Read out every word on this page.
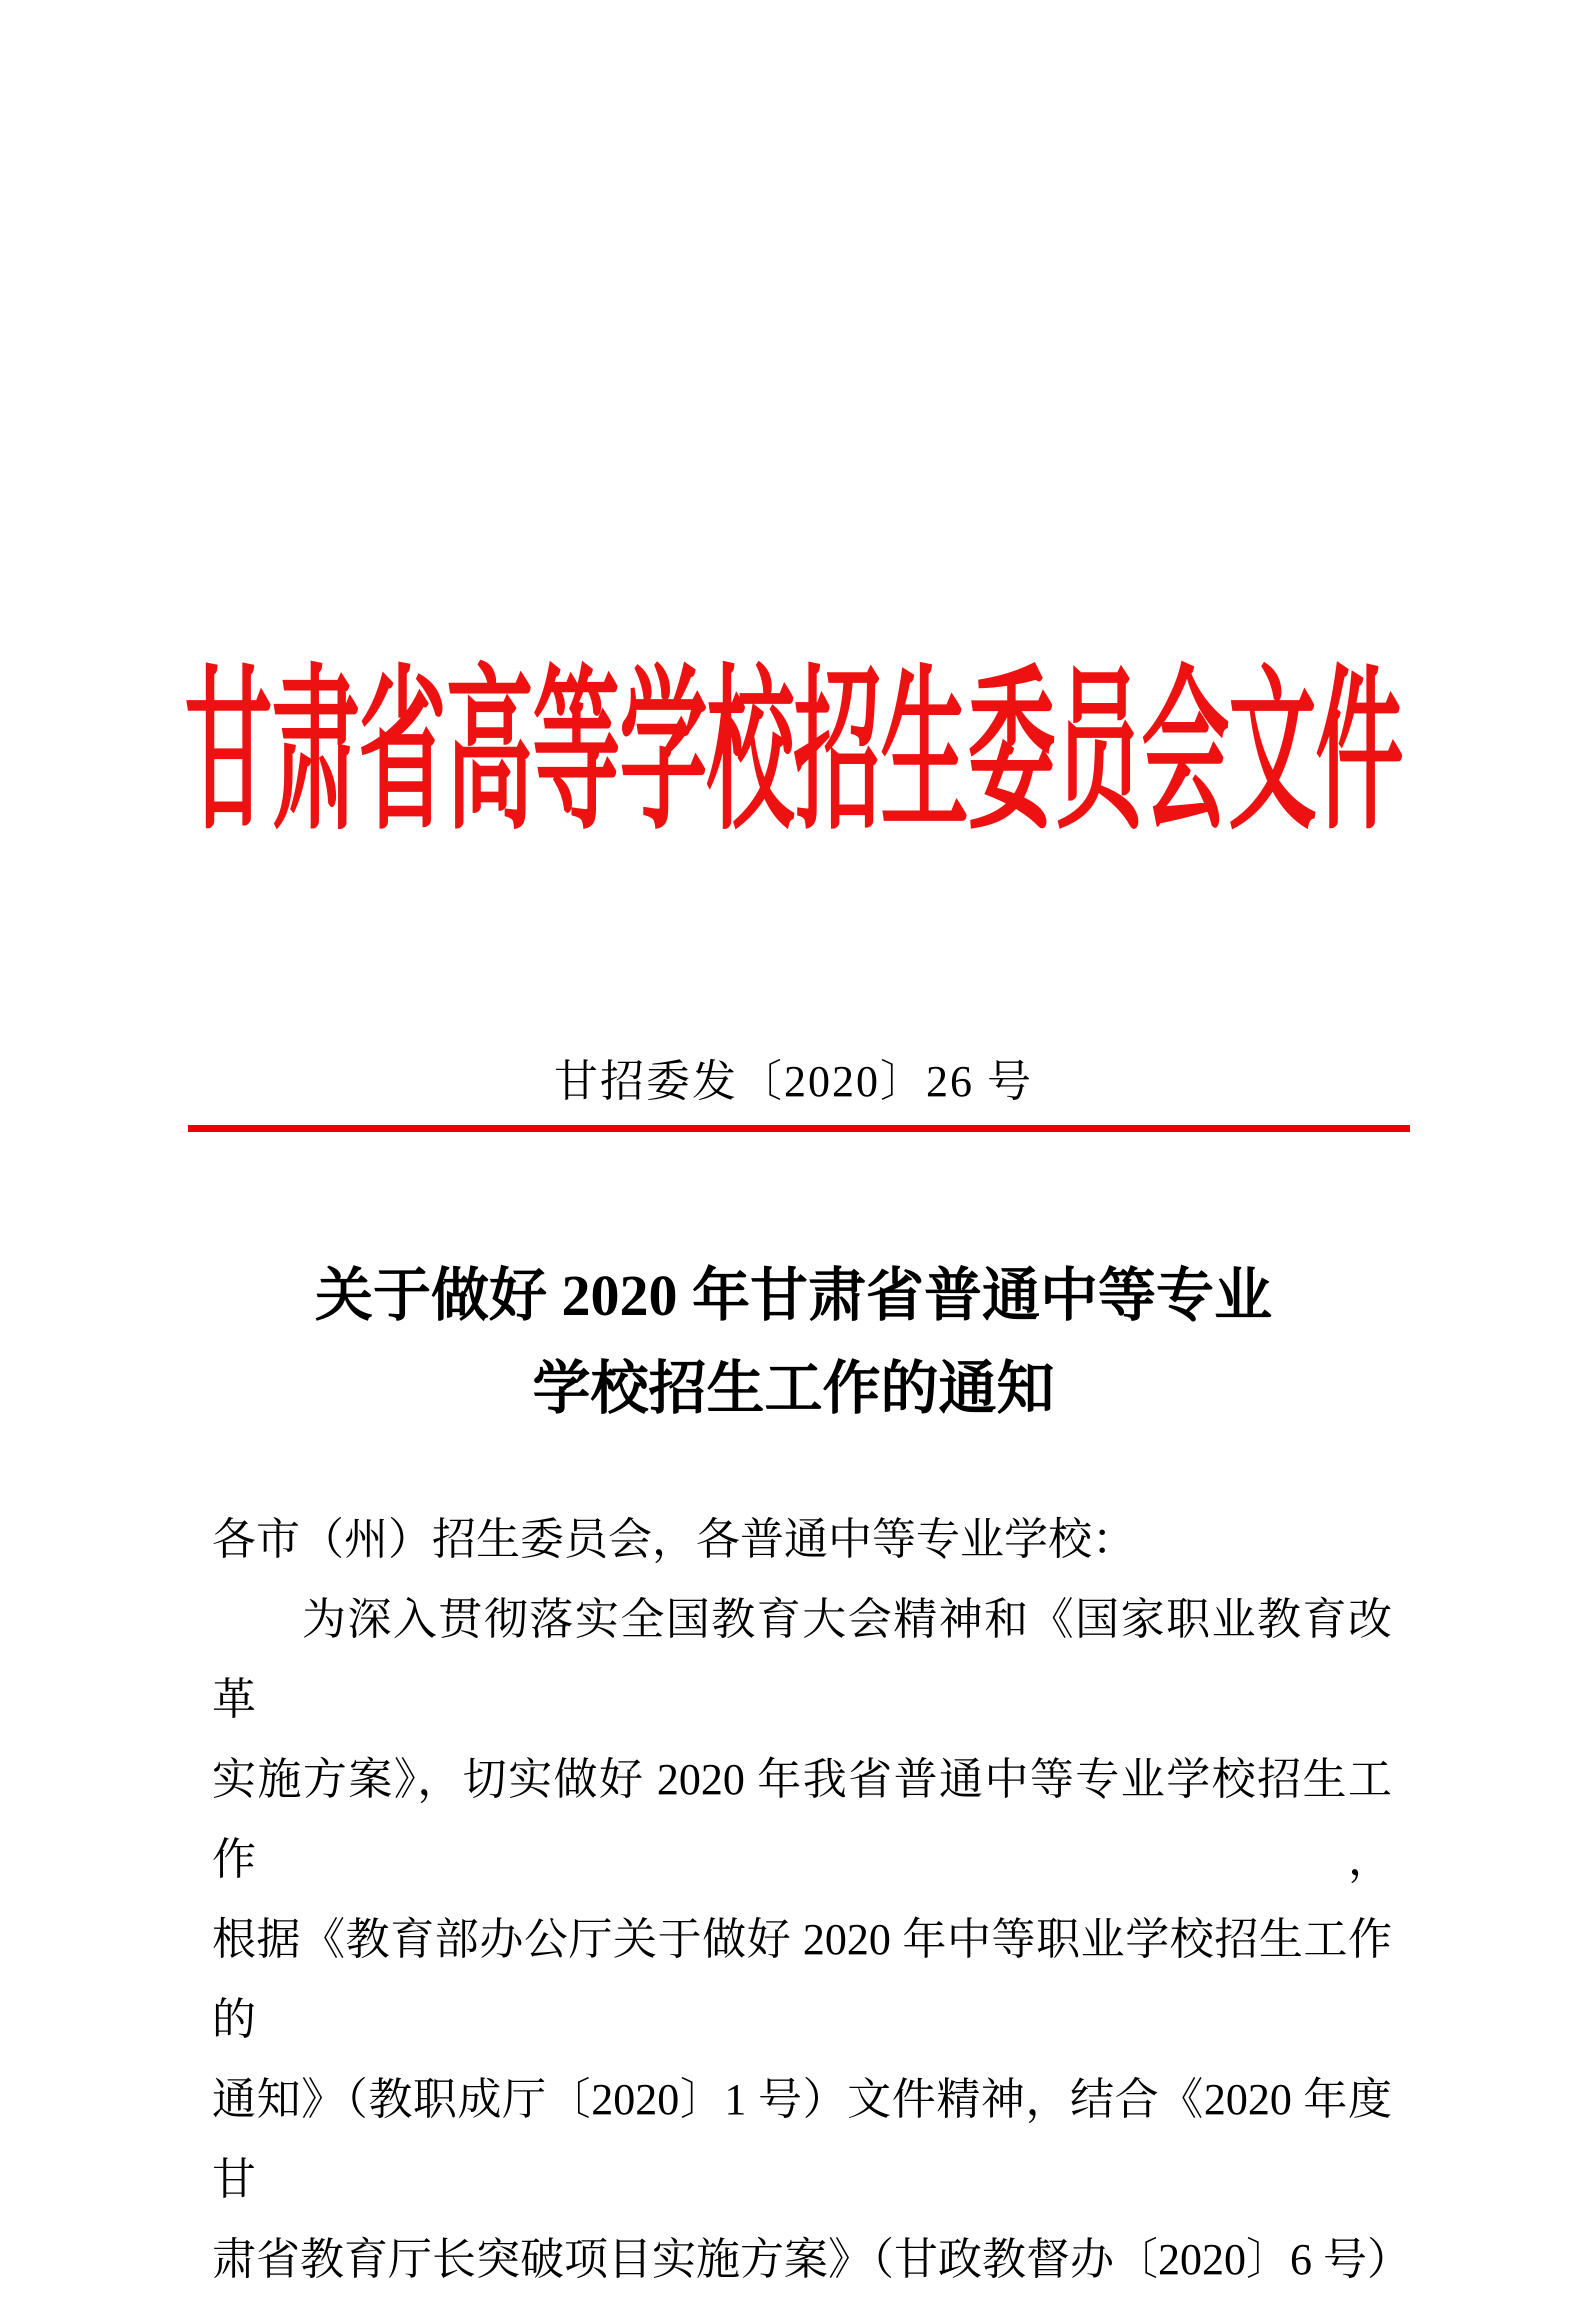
甘肃省高等学校招生委员会文件
甘招委发〔2020〕26 号
关于做好 2020 年甘肃省普通中等专业
学校招生工作的通知
各市（州）招生委员会，各普通中等专业学校：
为深入贯彻落实全国教育大会精神和《国家职业教育改革
实施方案》，切实做好 2020 年我省普通中等专业学校招生工作，
根据《教育部办公厅关于做好 2020 年中等职业学校招生工作的
通知》（教职成厅〔2020〕1 号）文件精神，结合《2020 年度甘
肃省教育厅长突破项目实施方案》（甘政教督办〔2020〕6 号）
